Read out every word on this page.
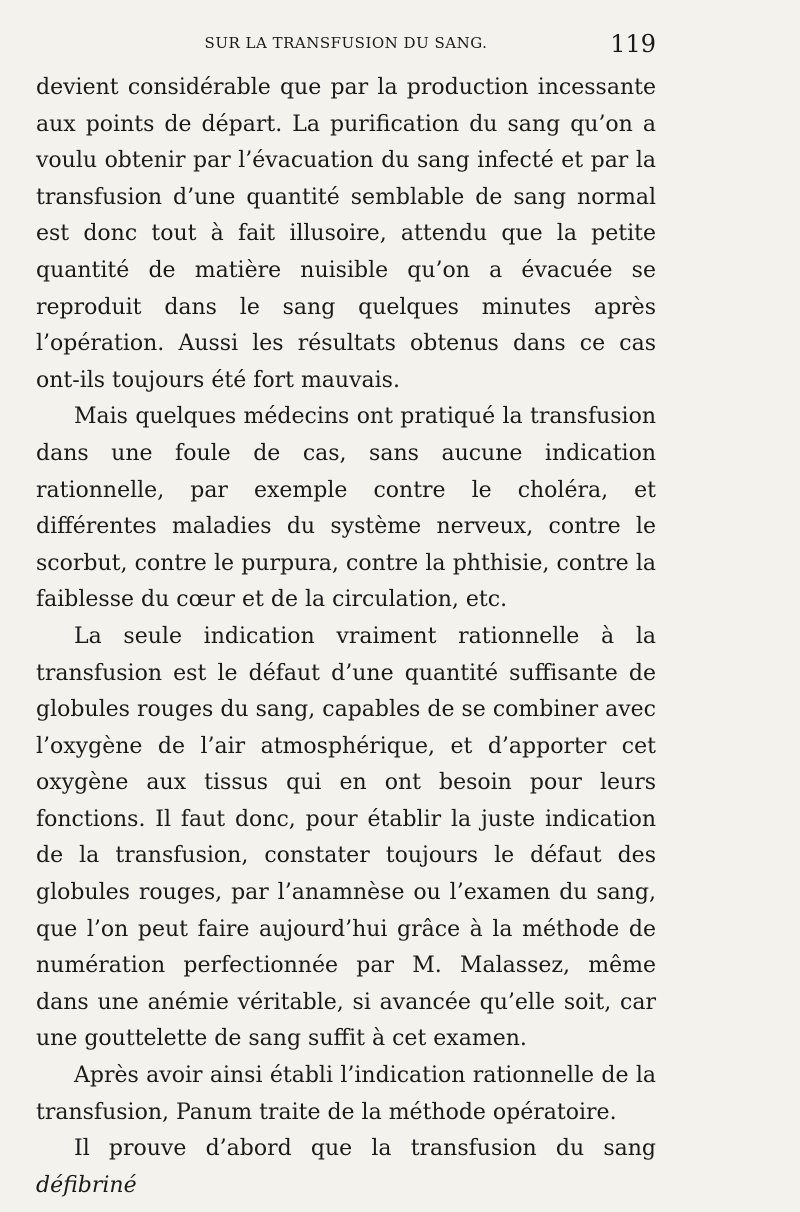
SUR LA TRANSFUSION DU SANG.	119

devient considérable que par la production incessante aux points de départ. La purification du sang qu’on a voulu obtenir par l’évacuation du sang infecté et par la transfusion d’une quantité semblable de sang normal est donc tout à fait illusoire, attendu que la petite quantité de matière nuisible qu’on a évacuée se reproduit dans le sang quelques minutes après l’opération. Aussi les résultats obtenus dans ce cas ont-ils toujours été fort mauvais.

Mais quelques médecins ont pratiqué la transfusion dans une foule de cas, sans aucune indication rationnelle, par exemple contre le choléra, et différentes maladies du système nerveux, contre le scorbut, contre le purpura, contre la phthisie, contre la faiblesse du cœur et de la circulation, etc.

La seule indication vraiment rationnelle à la transfusion est le défaut d’une quantité suffisante de globules rouges du sang, capables de se combiner avec l’oxygène de l’air atmosphérique, et d’apporter cet oxygène aux tissus qui en ont besoin pour leurs fonctions. Il faut donc, pour établir la juste indication de la transfusion, constater toujours le défaut des globules rouges, par l’anamnèse ou l’examen du sang, que l’on peut faire aujourd’hui grâce à la méthode de numération perfectionnée par M. Malassez, même dans une anémie véritable, si avancée qu’elle soit, car une gouttelette de sang suffit à cet examen.

Après avoir ainsi établi l’indication rationnelle de la transfusion, Panum traite de la méthode opératoire.

Il prouve d’abord que la transfusion du sang défibriné
